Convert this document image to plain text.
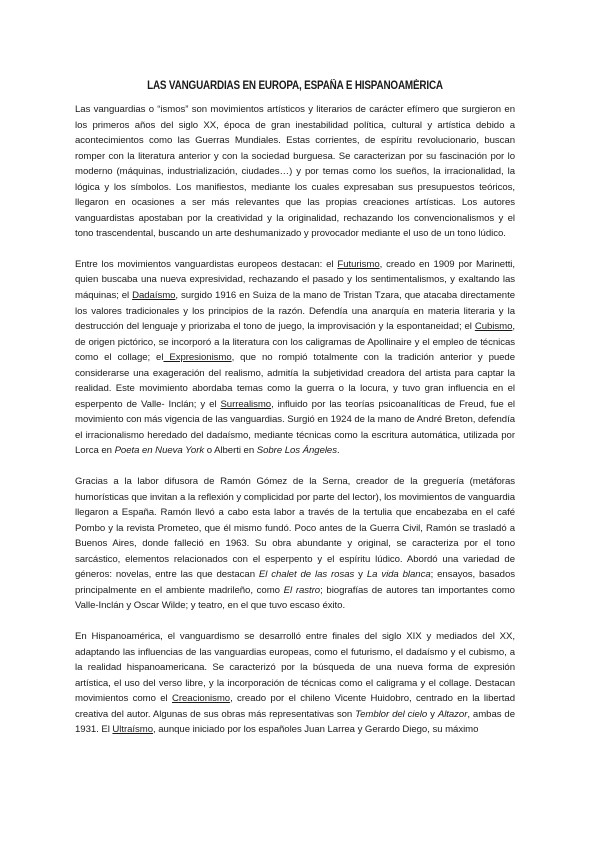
LAS VANGUARDIAS EN EUROPA, ESPAÑA E HISPANOAMÉRICA

Las vanguardias o “ismos” son movimientos artísticos y literarios de carácter efímero que surgieron en los primeros años del siglo XX, época de gran inestabilidad política, cultural y artística debido a acontecimientos como las Guerras Mundiales. Estas corrientes, de espíritu revolucionario, buscan romper con la literatura anterior y con la sociedad burguesa. Se caracterizan por su fascinación por lo moderno (máquinas, industrialización, ciudades…) y por temas como los sueños, la irracionalidad, la lógica y los símbolos. Los manifiestos, mediante los cuales expresaban sus presupuestos teóricos, llegaron en ocasiones a ser más relevantes que las propias creaciones artísticas. Los autores vanguardistas apostaban por la creatividad y la originalidad, rechazando los convencionalismos y el tono trascendental, buscando un arte deshumanizado y provocador mediante el uso de un tono lúdico.

Entre los movimientos vanguardistas europeos destacan: el Futurismo, creado en 1909 por Marinetti, quien buscaba una nueva expresividad, rechazando el pasado y los sentimentalismos, y exaltando las máquinas; el Dadaísmo, surgido 1916 en Suiza de la mano de Tristan Tzara, que atacaba directamente los valores tradicionales y los principios de la razón. Defendía una anarquía en materia literaria y la destrucción del lenguaje y priorizaba el tono de juego, la improvisación y la espontaneidad; el Cubismo, de origen pictórico, se incorporó a la literatura con los caligramas de Apollinaire y el empleo de técnicas como el collage; el Expresionismo, que no rompió totalmente con la tradición anterior y puede considerarse una exageración del realismo, admitía la subjetividad creadora del artista para captar la realidad. Este movimiento abordaba temas como la guerra o la locura, y tuvo gran influencia en el esperpento de Valle- Inclán; y el Surrealismo, influido por las teorías psicoanalíticas de Freud, fue el movimiento con más vigencia de las vanguardias. Surgió en 1924 de la mano de André Breton, defendía el irracionalismo heredado del dadaísmo, mediante técnicas como la escritura automática, utilizada por Lorca en Poeta en Nueva York o Alberti en Sobre Los Ángeles.

Gracias a la labor difusora de Ramón Gómez de la Serna, creador de la greguería (metáforas humorísticas que invitan a la reflexión y complicidad por parte del lector), los movimientos de vanguardia llegaron a España. Ramón llevó a cabo esta labor a través de la tertulia que encabezaba en el café Pombo y la revista Prometeo, que él mismo fundó. Poco antes de la Guerra Civil, Ramón se trasladó a Buenos Aires, donde falleció en 1963. Su obra abundante y original, se caracteriza por el tono sarcástico, elementos relacionados con el esperpento y el espíritu lúdico. Abordó una variedad de géneros: novelas, entre las que destacan El chalet de las rosas y La vida blanca; ensayos, basados principalmente en el ambiente madrileño, como El rastro; biografías de autores tan importantes como Valle-Inclán y Oscar Wilde; y teatro, en el que tuvo escaso éxito.

En Hispanoamérica, el vanguardismo se desarrolló entre finales del siglo XIX y mediados del XX, adaptando las influencias de las vanguardias europeas, como el futurismo, el dadaísmo y el cubismo, a la realidad hispanoamericana. Se caracterizó por la búsqueda de una nueva forma de expresión artística, el uso del verso libre, y la incorporación de técnicas como el caligrama y el collage. Destacan movimientos como el Creacionismo, creado por el chileno Vicente Huidobro, centrado en la libertad creativa del autor. Algunas de sus obras más representativas son Temblor del cielo y Altazor, ambas de 1931. El Ultraísmo, aunque iniciado por los españoles Juan Larrea y Gerardo Diego, su máximo
